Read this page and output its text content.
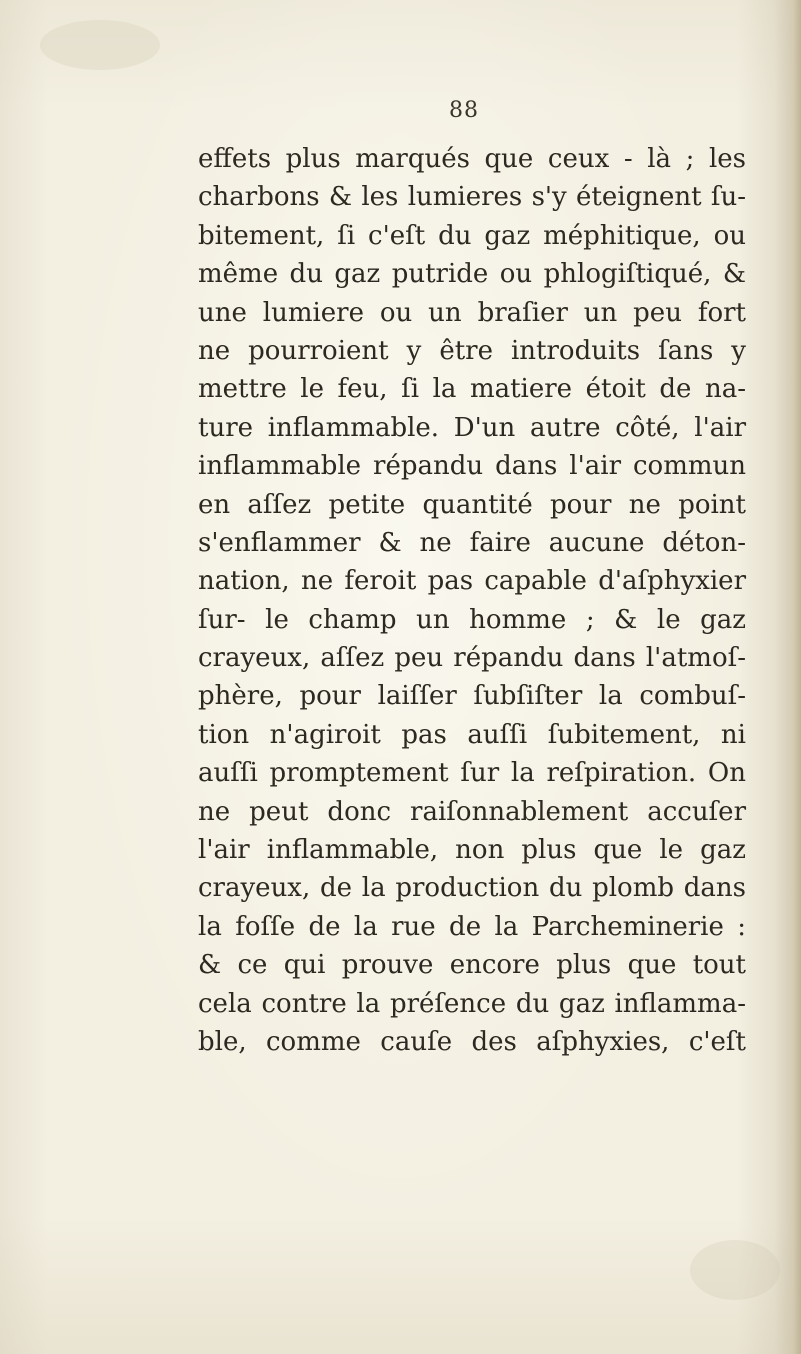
88
effets plus marqués que ceux - là ; les
charbons & les lumieres s'y éteignent ſu-
bitement, ſi c'eſt du gaz méphitique, ou
même du gaz putride ou phlogiſtiqué, &
une lumiere ou un braſier un peu fort
ne pourroient y être introduits ſans y
mettre le feu, ſi la matiere étoit de na-
ture inflammable. D'un autre côté, l'air
inflammable répandu dans l'air commun
en aſſez petite quantité pour ne point
s'enflammer & ne faire aucune déton-
nation, ne feroit pas capable d'aſphyxier
ſur- le champ un homme ; & le gaz
crayeux, aſſez peu répandu dans l'atmoſ-
phère, pour laiſſer ſubſiſter la combuſ-
tion n'agiroit pas auſſi ſubitement, ni
auſſi promptement ſur la reſpiration. On
ne peut donc raiſonnablement accuſer
l'air inflammable, non plus que le gaz
crayeux, de la production du plomb dans
la foſſe de la rue de la Parcheminerie :
& ce qui prouve encore plus que tout
cela contre la préſence du gaz inflamma-
ble, comme cauſe des aſphyxies, c'eſt
